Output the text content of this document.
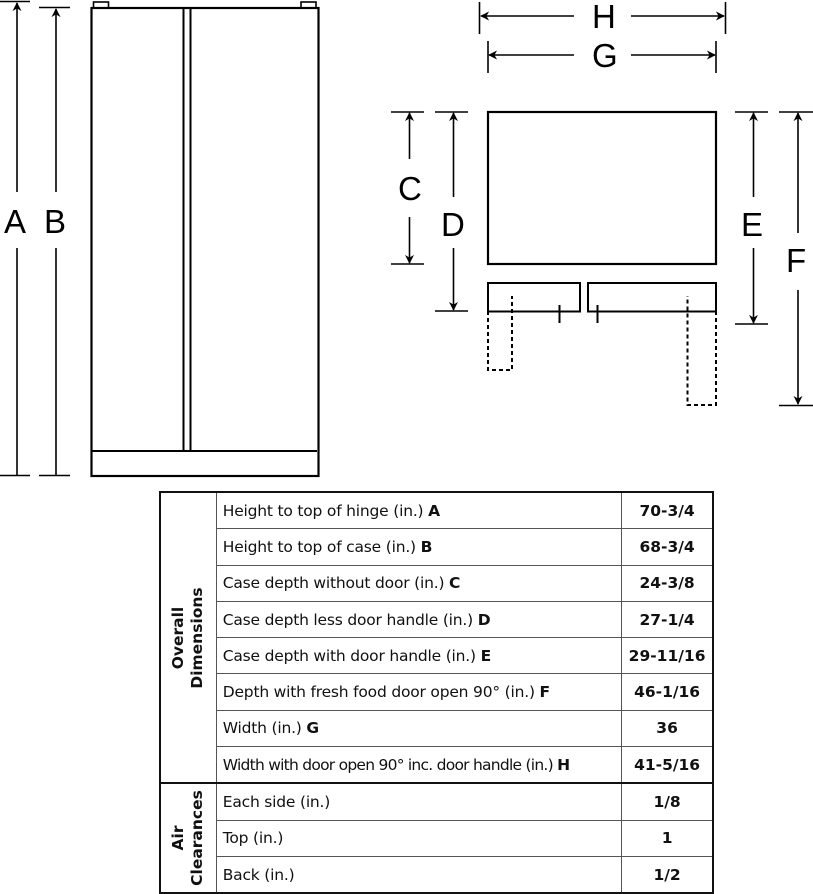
A B
H
G
C
D	E
F
Overall Dimensions	Height to top of hinge (in.) A	70-3/4
	Height to top of case (in.) B	68-3/4
	Case depth without door (in.) C	24-3/8
	Case depth less door handle (in.) D	27-1/4
	Case depth with door handle (in.) E	29-11/16
	Depth with fresh food door open 90° (in.) F	46-1/16
	Width (in.) G	36
	Width with door open 90° inc. door handle (in.) H	41-5/16

Air Clearances	Each side (in.)	1/8
	Top (in.)	1
	Back (in.)	1/2
